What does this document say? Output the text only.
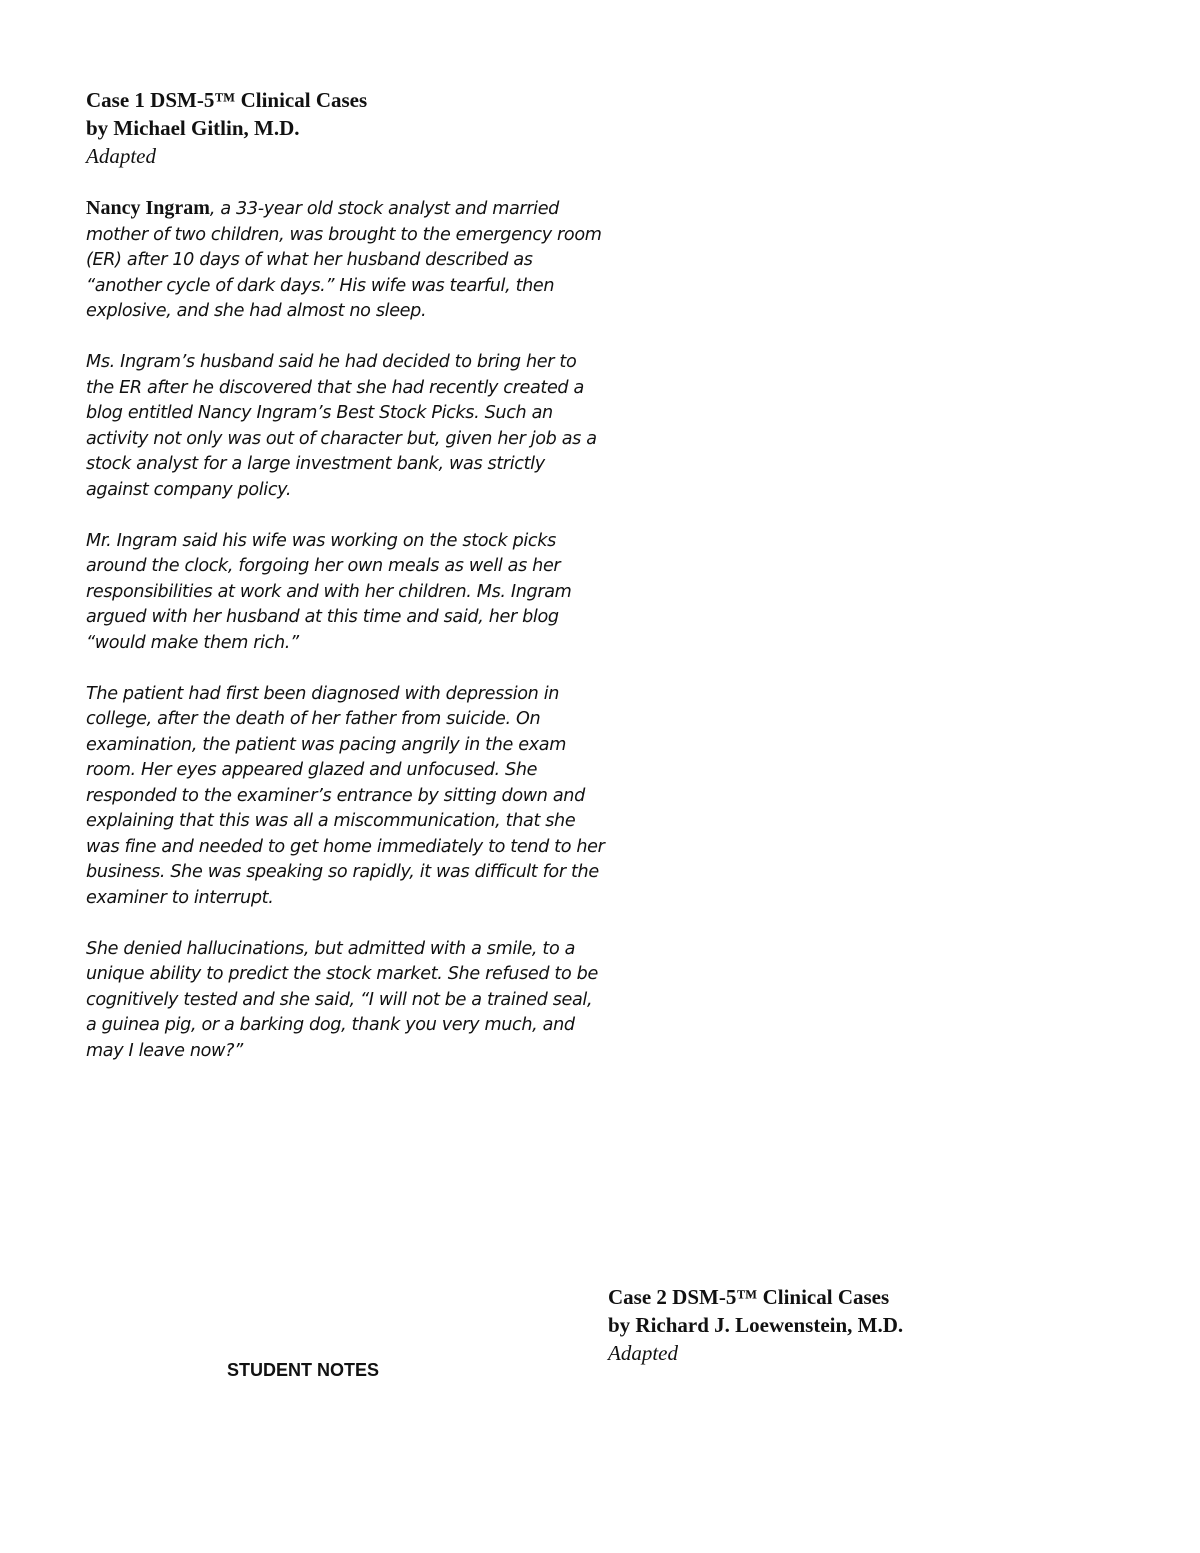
Case 1 DSM-5™ Clinical Cases
by Michael Gitlin, M.D.
Adapted

Nancy Ingram, a 33-year old stock analyst and married mother of two children, was brought to the emergency room (ER) after 10 days of what her husband described as “another cycle of dark days.” His wife was tearful, then explosive, and she had almost no sleep.

Ms. Ingram’s husband said he had decided to bring her to the ER after he discovered that she had recently created a blog entitled Nancy Ingram’s Best Stock Picks. Such an activity not only was out of character but, given her job as a stock analyst for a large investment bank, was strictly against company policy.

Mr. Ingram said his wife was working on the stock picks around the clock, forgoing her own meals as well as her responsibilities at work and with her children. Ms. Ingram argued with her husband at this time and said, her blog “would make them rich.”

The patient had first been diagnosed with depression in college, after the death of her father from suicide. On examination, the patient was pacing angrily in the exam room. Her eyes appeared glazed and unfocused. She responded to the examiner’s entrance by sitting down and explaining that this was all a miscommunication, that she was fine and needed to get home immediately to tend to her business. She was speaking so rapidly, it was difficult for the examiner to interrupt.

She denied hallucinations, but admitted with a smile, to a unique ability to predict the stock market. She refused to be cognitively tested and she said, “I will not be a trained seal, a guinea pig, or a barking dog, thank you very much, and may I leave now?”

STUDENT NOTES
Case 2 DSM-5™ Clinical Cases
by Richard J. Loewenstein, M.D.
Adapted
